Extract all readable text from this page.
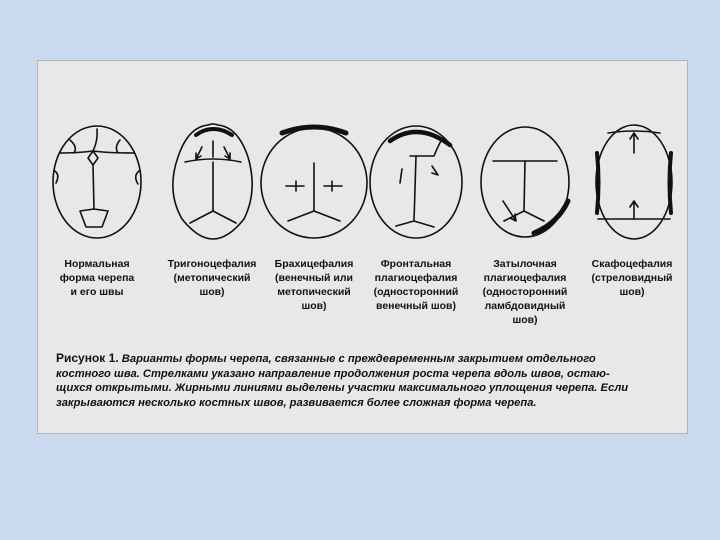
Нормальная
форма черепа
и его швы
Тригоноцефалия
(метопический
шов)
Брахицефалия
(венечный или
метопический
шов)
Фронтальная
плагиоцефалия
(односторонний
венечный шов)
Затылочная
плагиоцефалия
(односторонний
ламбдовидный
шов)
Скафоцефалия
(стреловидный
шов)
Рисунок 1. Варианты формы черепа, связанные с преждевременным закрытием отдельного
костного шва. Стрелками указано направление продолжения роста черепа вдоль швов, остаю-
щихся открытыми. Жирными линиями выделены участки максимального уплощения черепа. Если
закрываются несколько костных швов, развивается более сложная форма черепа.
